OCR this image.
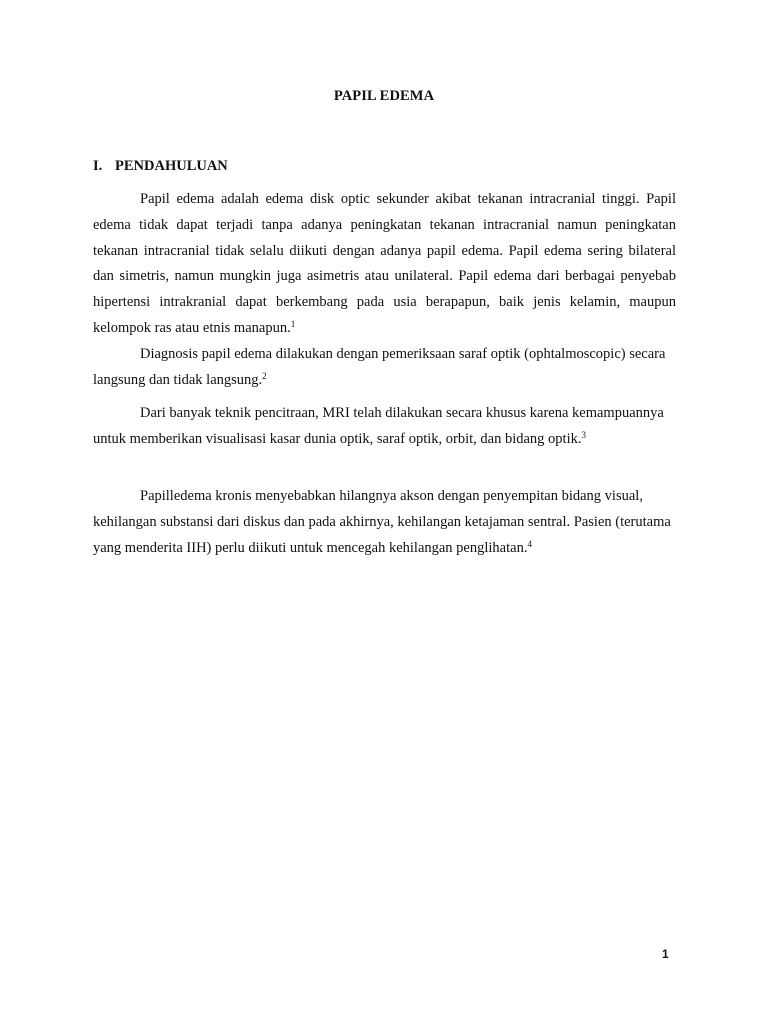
PAPIL EDEMA
I. PENDAHULUAN

Papil edema adalah edema disk optic sekunder akibat tekanan intracranial tinggi. Papil edema tidak dapat terjadi tanpa adanya peningkatan tekanan intracranial namun peningkatan tekanan intracranial tidak selalu diikuti dengan adanya papil edema. Papil edema sering bilateral dan simetris, namun mungkin juga asimetris atau unilateral. Papil edema dari berbagai penyebab hipertensi intrakranial dapat berkembang pada usia berapapun, baik jenis kelamin, maupun kelompok ras atau etnis manapun.$^1$

Diagnosis papil edema dilakukan dengan pemeriksaan saraf optik (ophtalmoscopic) secara langsung dan tidak langsung.$^2$

Dari banyak teknik pencitraan, MRI telah dilakukan secara khusus karena kemampuannya untuk memberikan visualisasi kasar dunia optik, saraf optik, orbit, dan bidang optik.$^3$

Papilledema kronis menyebabkan hilangnya akson dengan penyempitan bidang visual, kehilangan substansi dari diskus dan pada akhirnya, kehilangan ketajaman sentral. Pasien (terutama yang menderita IIH) perlu diikuti untuk mencegah kehilangan penglihatan.$^4$

1
